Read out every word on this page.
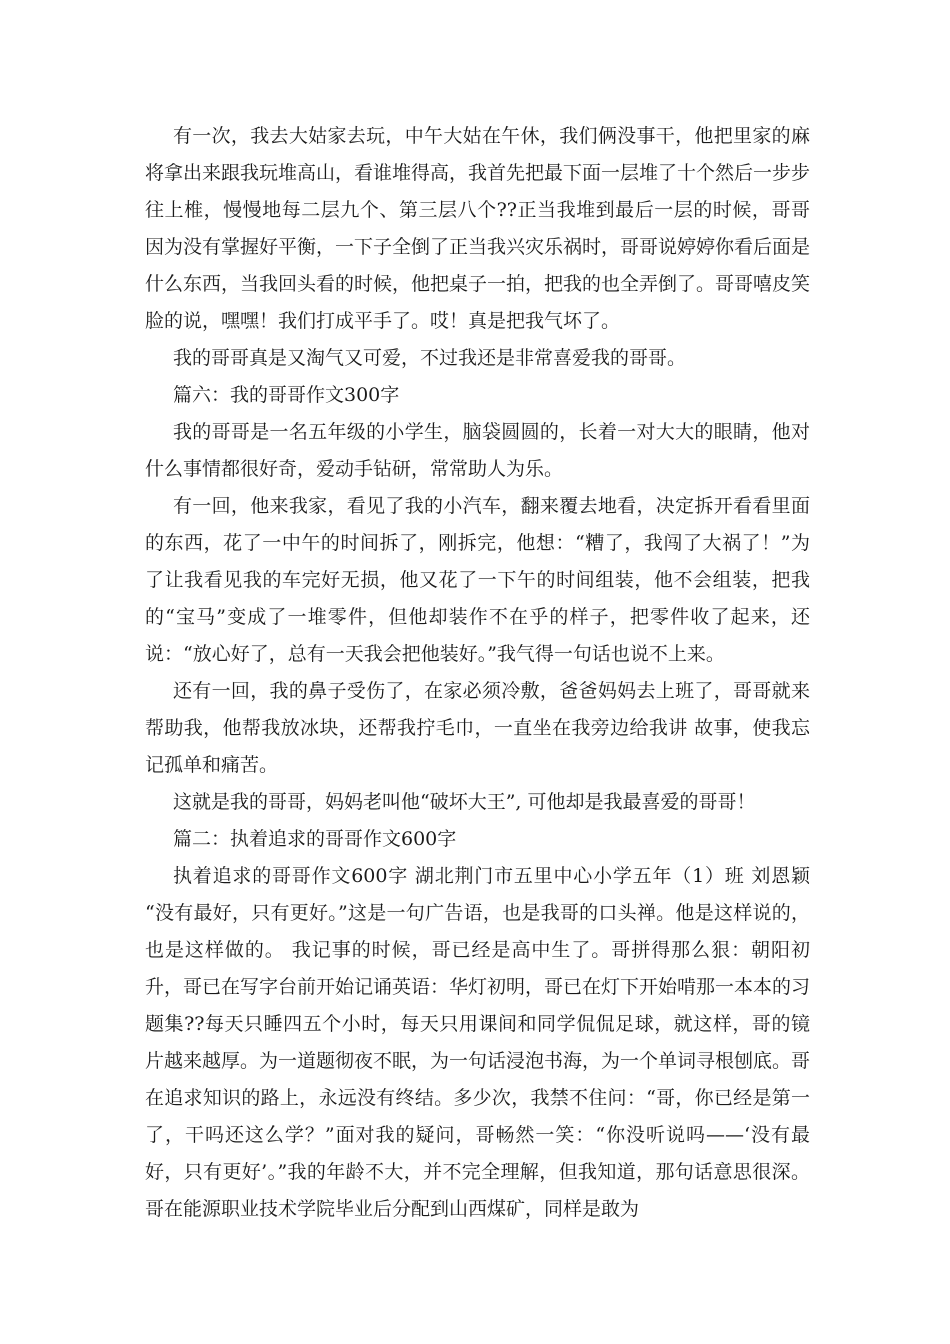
有一次，我去大姑家去玩，中午大姑在午休，我们俩没事干，他把里家的麻将拿出来跟我玩堆高山，看谁堆得高，我首先把最下面一层堆了十个然后一步步往上椎，慢慢地每二层九个、第三层八个??正当我堆到最后一层的时候，哥哥因为没有掌握好平衡，一下子全倒了正当我兴灾乐祸时，哥哥说婷婷你看后面是什么东西，当我回头看的时候，他把桌子一拍，把我的也全弄倒了。哥哥嘻皮笑脸的说，嘿嘿！我们打成平手了。哎！真是把我气坏了。

我的哥哥真是又淘气又可爱，不过我还是非常喜爱我的哥哥。

篇六：我的哥哥作文300字

我的哥哥是一名五年级的小学生，脑袋圆圆的，长着一对大大的眼睛，他对什么事情都很好奇，爱动手钻研，常常助人为乐。

有一回，他来我家，看见了我的小汽车，翻来覆去地看，决定拆开看看里面的东西，花了一中午的时间拆了，刚拆完，他想：“糟了，我闯了大祸了！”为了让我看见我的车完好无损，他又花了一下午的时间组装，他不会组装，把我的“宝马”变成了一堆零件，但他却装作不在乎的样子，把零件收了起来，还说：“放心好了，总有一天我会把他装好。”我气得一句话也说不上来。

还有一回，我的鼻子受伤了，在家必须冷敷，爸爸妈妈去上班了，哥哥就来帮助我，他帮我放冰块，还帮我拧毛巾，一直坐在我旁边给我讲 故事，使我忘记孤单和痛苦。

这就是我的哥哥，妈妈老叫他“破坏大王”, 可他却是我最喜爱的哥哥！

篇二：执着追求的哥哥作文600字

执着追求的哥哥作文600字 湖北荆门市五里中心小学五年（1）班 刘恩颖 “没有最好，只有更好。”这是一句广告语，也是我哥的口头禅。他是这样说的，也是这样做的。 我记事的时候，哥已经是高中生了。哥拼得那么狠：朝阳初升，哥已在写字台前开始记诵英语：华灯初明，哥已在灯下开始啃那一本本的习题集??每天只睡四五个小时，每天只用课间和同学侃侃足球，就这样，哥的镜片越来越厚。为一道题彻夜不眠，为一句话浸泡书海，为一个单词寻根刨底。哥在追求知识的路上，永远没有终结。多少次，我禁不住问：“哥，你已经是第一了，干吗还这么学？”面对我的疑问，哥畅然一笑：“你没听说吗——‘没有最好，只有更好’。”我的年龄不大，并不完全理解，但我知道，那句话意思很深。 哥在能源职业技术学院毕业后分配到山西煤矿，同样是敢为
